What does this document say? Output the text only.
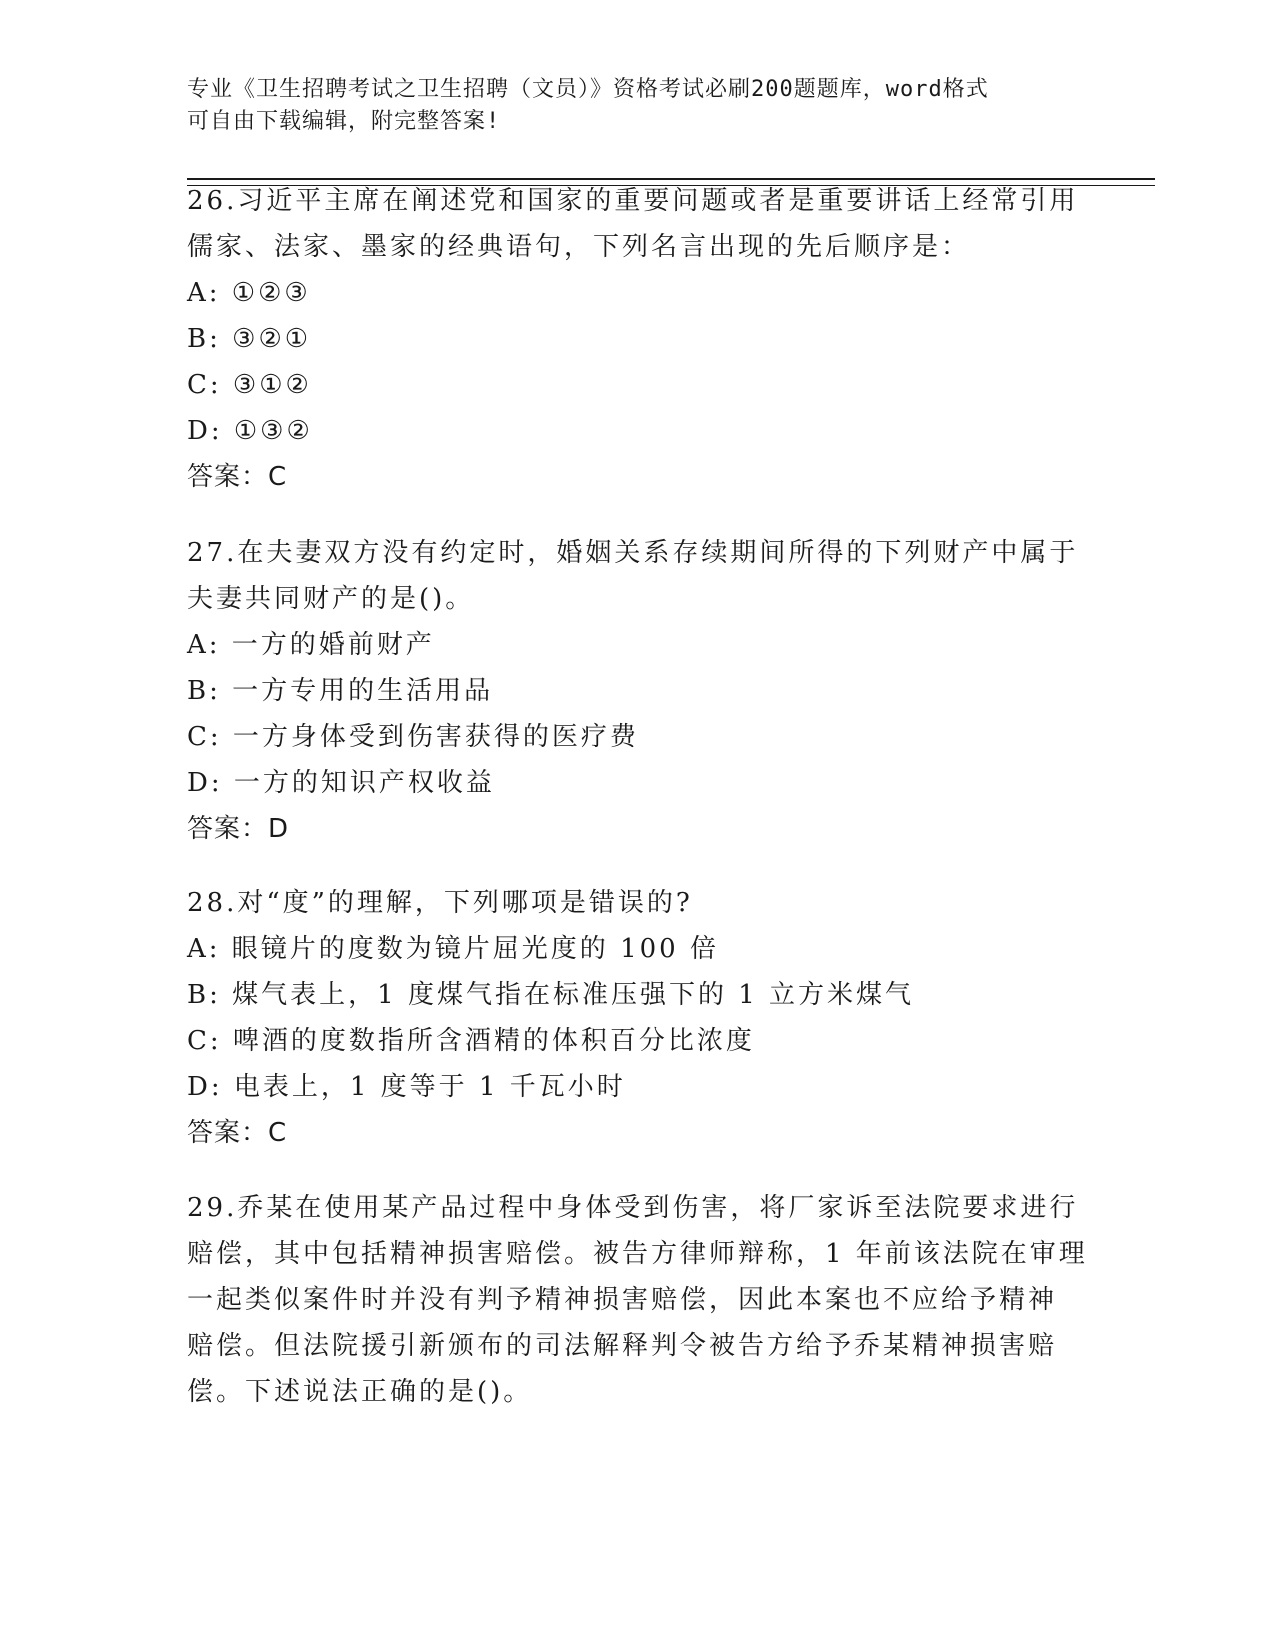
专业《卫生招聘考试之卫生招聘（文员）》资格考试必刷200题题库，word格式
可自由下载编辑，附完整答案!
26.习近平主席在阐述党和国家的重要问题或者是重要讲话上经常引用
儒家、法家、墨家的经典语句，下列名言出现的先后顺序是：
A: ①②③
B: ③②①
C: ③①②
D: ①③②
答案：C
27.在夫妻双方没有约定时，婚姻关系存续期间所得的下列财产中属于
夫妻共同财产的是()。
A: 一方的婚前财产
B: 一方专用的生活用品
C: 一方身体受到伤害获得的医疗费
D: 一方的知识产权收益
答案：D
28.对“度”的理解，下列哪项是错误的?
A: 眼镜片的度数为镜片屈光度的 100 倍
B: 煤气表上，1 度煤气指在标准压强下的 1 立方米煤气
C: 啤酒的度数指所含酒精的体积百分比浓度
D: 电表上，1 度等于 1 千瓦小时
答案：C
29.乔某在使用某产品过程中身体受到伤害，将厂家诉至法院要求进行
赔偿，其中包括精神损害赔偿。被告方律师辩称，1 年前该法院在审理
一起类似案件时并没有判予精神损害赔偿，因此本案也不应给予精神
赔偿。但法院援引新颁布的司法解释判令被告方给予乔某精神损害赔
偿。下述说法正确的是()。
